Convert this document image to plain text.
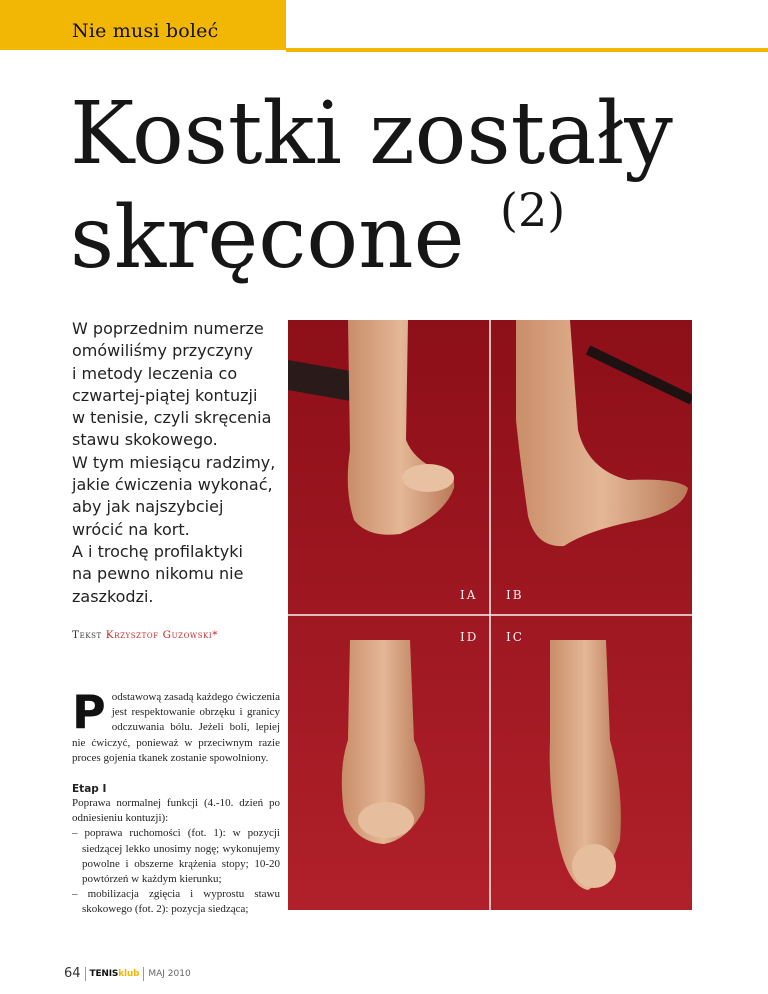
Nie musi boleć
Kostki zostały
skręcone (2)
W poprzednim numerze
omówiliśmy przyczyny
i metody leczenia co
czwartej-piątej kontuzji
w tenisie, czyli skręcenia
stawu skokowego.
W tym miesiącu radzimy,
jakie ćwiczenia wykonać,
aby jak najszybciej
wrócić na kort.
A i trochę profilaktyki
na pewno nikomu nie
zaszkodzi.
Tekst Krzysztof Guzowski*
P odstawową zasadą każdego ćwiczenia jest respektowanie obrzęku i granicy odczuwania bólu. Jeżeli boli, lepiej nie ćwiczyć, ponieważ w przeciwnym razie proces gojenia tkanek zostanie spowolniony.
Etap I
Poprawa normalnej funkcji (4.-10. dzień po odniesieniu kontuzji):
– poprawa ruchomości (fot. 1): w pozycji siedzącej lekko unosimy nogę; wykonujemy powolne i obszerne krążenia stopy; 10-20 powtórzeń w każdym kierunku;
– mobilizacja zgięcia i wyprostu stawu skokowego (fot. 2): pozycja siedząca;
IA IB
ID IC
64 TENISklub MAJ 2010
